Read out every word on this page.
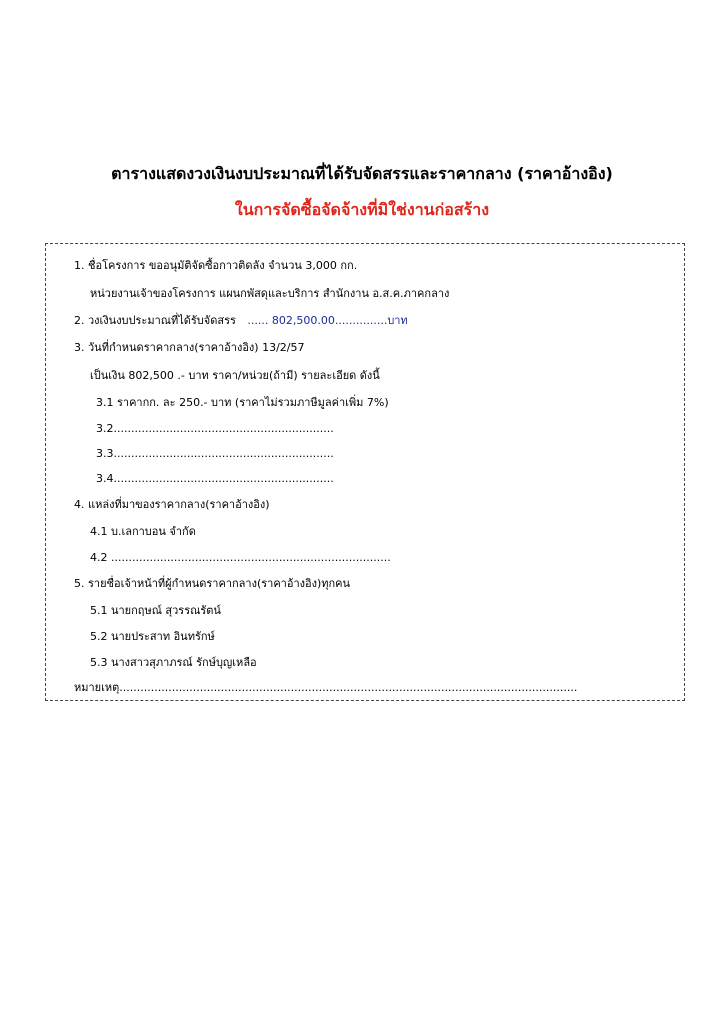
ตารางแสดงวงเงินงบประมาณที่ได้รับจัดสรรและราคากลาง (ราคาอ้างอิง)
ในการจัดซื้อจัดจ้างที่มิใช่งานก่อสร้าง
1. ชื่อโครงการ ขออนุมัติจัดซื้อกาวติดลัง จำนวน 3,000 กก.
หน่วยงานเจ้าของโครงการ แผนกพัสดุและบริการ สำนักงาน อ.ส.ค.ภาคกลาง
2. วงเงินงบประมาณที่ได้รับจัดสรร ...... 802,500.00...............บาท
3. วันที่กำหนดราคากลาง(ราคาอ้างอิง) 13/2/57
เป็นเงิน 802,500 .- บาท ราคา/หน่วย(ถ้ามี) รายละเอียด ดังนี้
3.1 ราคากก. ละ 250.- บาท (ราคาไม่รวมภาษีมูลค่าเพิ่ม 7%)
3.2...............................................................
3.3...............................................................
3.4...............................................................
4. แหล่งที่มาของราคากลาง(ราคาอ้างอิง)
4.1 บ.เลกาบอน จำกัด
4.2 ................................................................................
5. รายชื่อเจ้าหน้าที่ผู้กำหนดราคากลาง(ราคาอ้างอิง)ทุกคน
5.1 นายกฤษณ์ สุวรรณรัตน์
5.2 นายประสาท อินทรักษ์
5.3 นางสาวสุภาภรณ์ รักษ์บุญเหลือ
หมายเหตุ...................................................................................................................................
